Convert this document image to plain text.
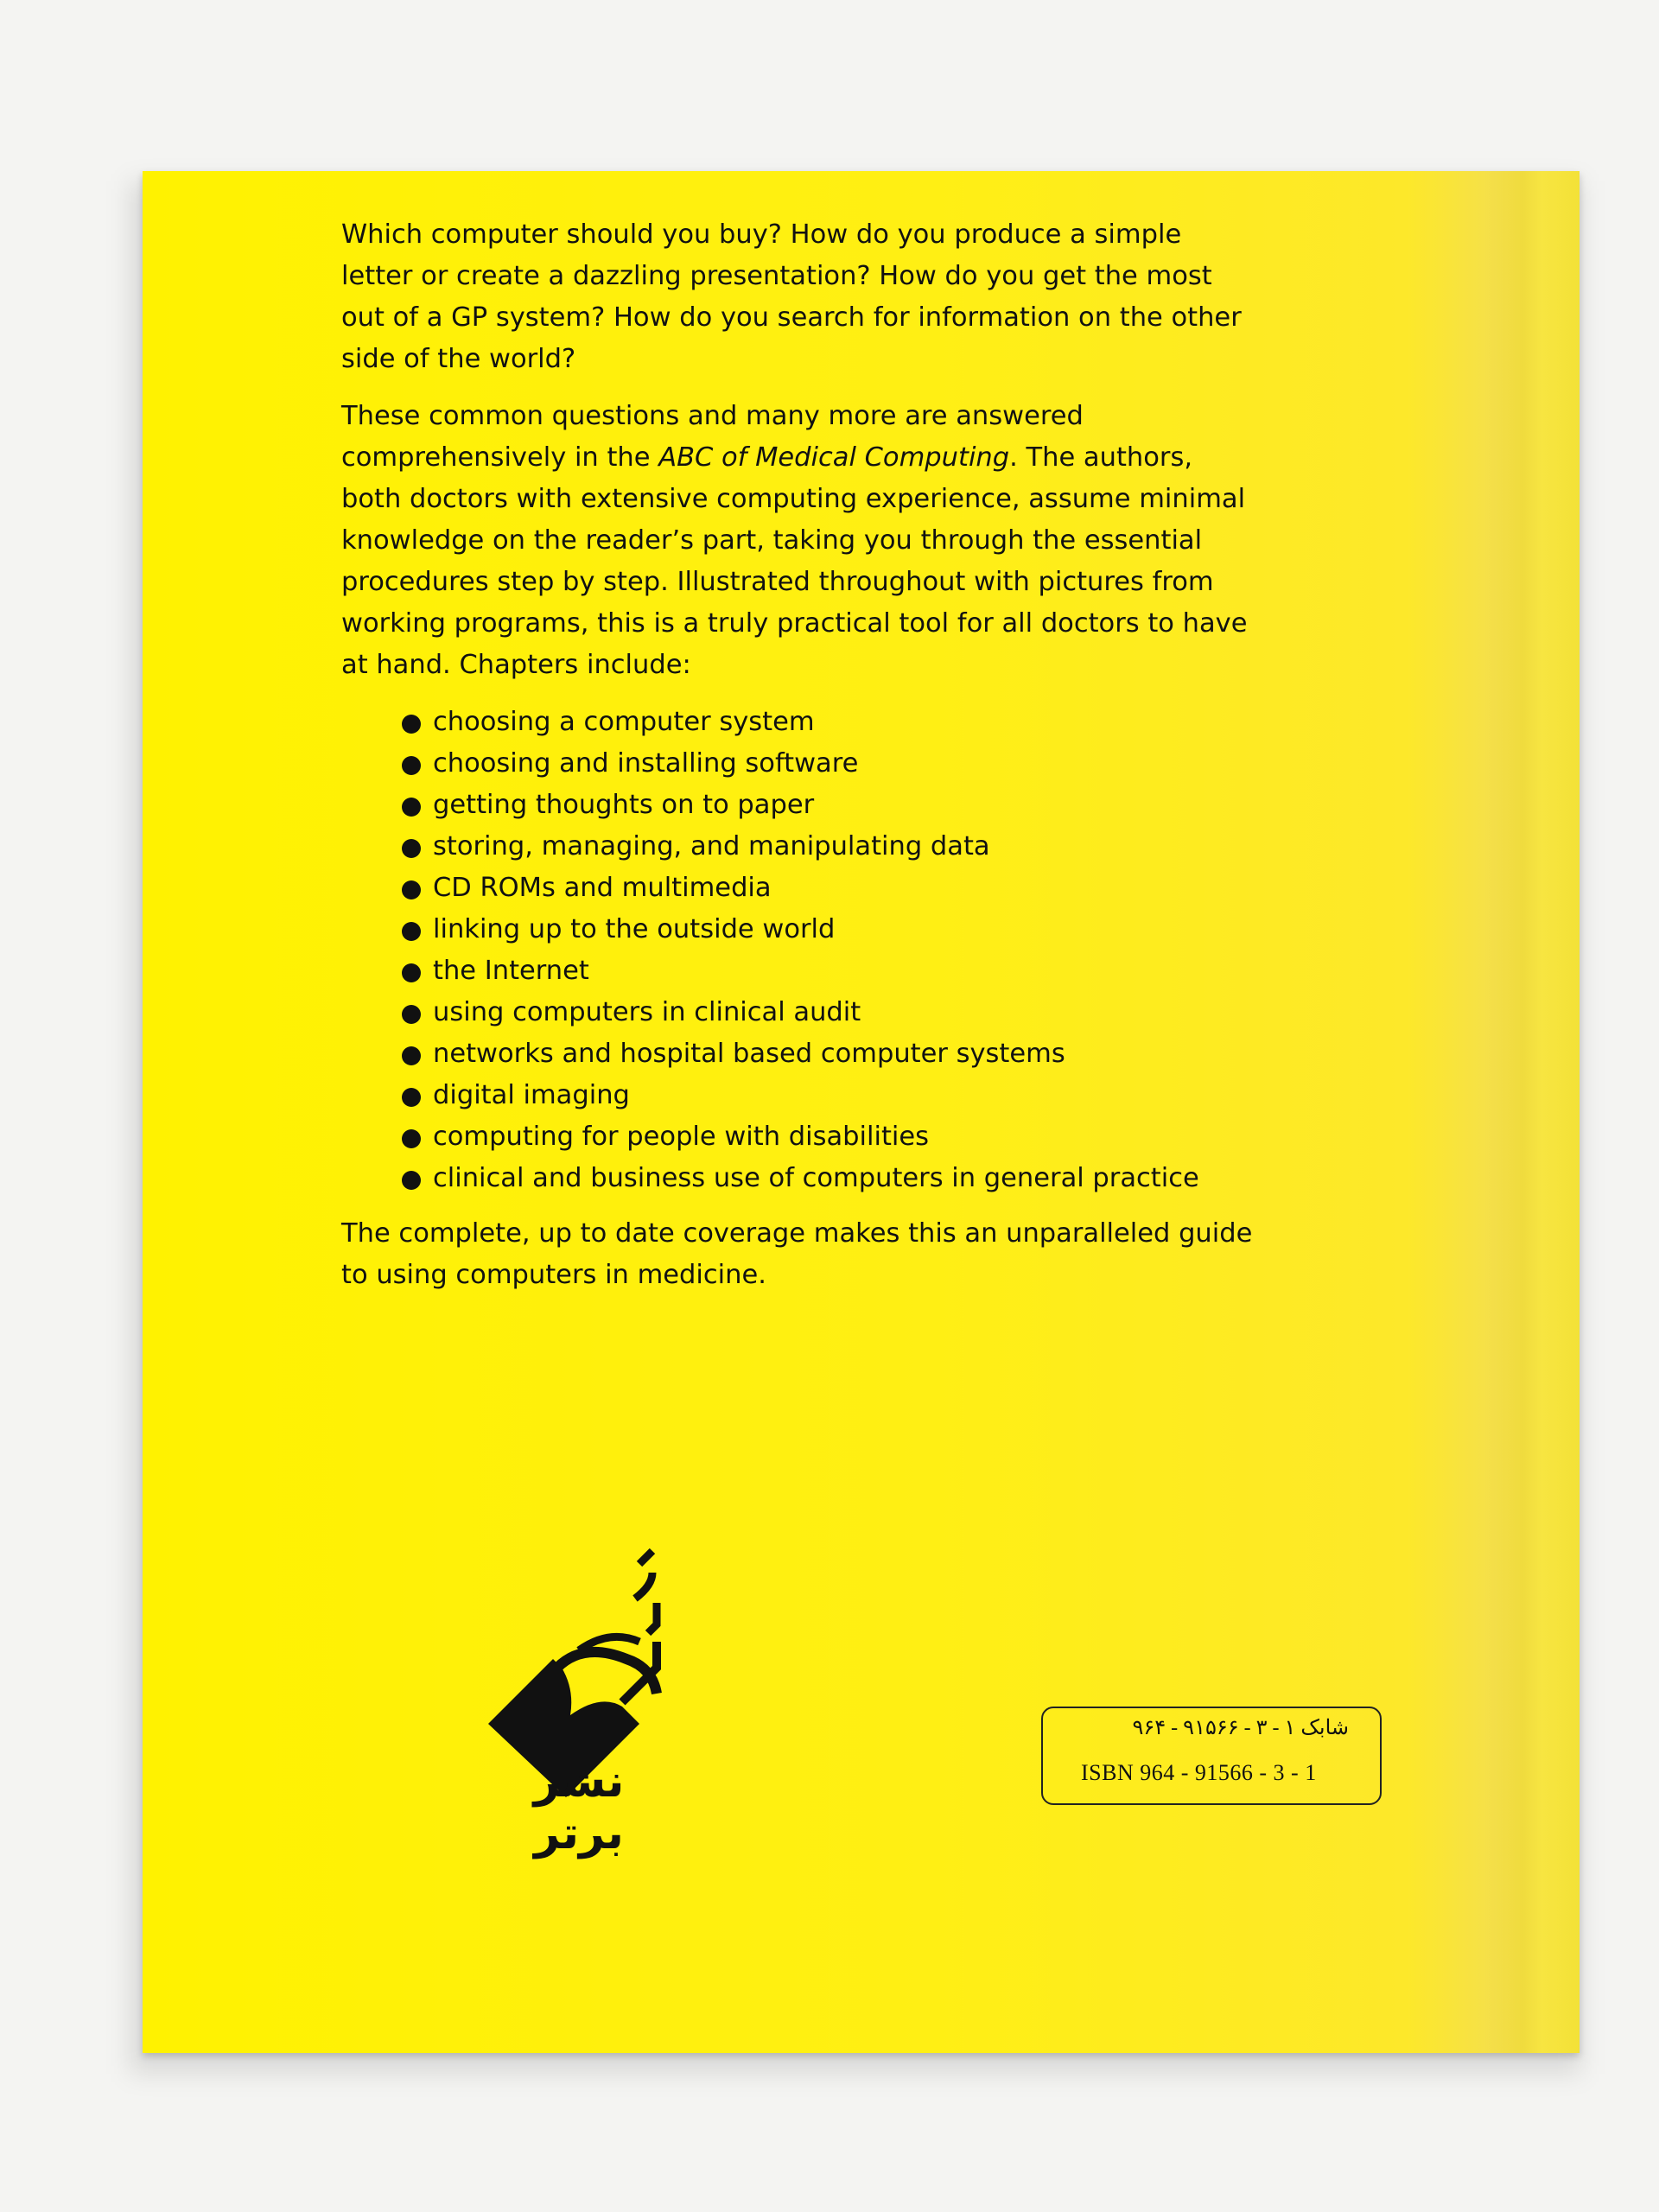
Which computer should you buy? How do you produce a simple letter or create a dazzling presentation? How do you get the most out of a GP system? How do you search for information on the other side of the world?

These common questions and many more are answered comprehensively in the ABC of Medical Computing. The authors, both doctors with extensive computing experience, assume minimal knowledge on the reader’s part, taking you through the essential procedures step by step. Illustrated throughout with pictures from working programs, this is a truly practical tool for all doctors to have at hand. Chapters include:

choosing a computer system
choosing and installing software
getting thoughts on to paper
storing, managing, and manipulating data
CD ROMs and multimedia
linking up to the outside world
the Internet
using computers in clinical audit
networks and hospital based computer systems
digital imaging
computing for people with disabilities
clinical and business use of computers in general practice

The complete, up to date coverage makes this an unparalleled guide to using computers in medicine.

نشر برتر
شابک ۱ - ۳ - ۹۱۵۶۶ - ۹۶۴
ISBN 964 - 91566 - 3 - 1
